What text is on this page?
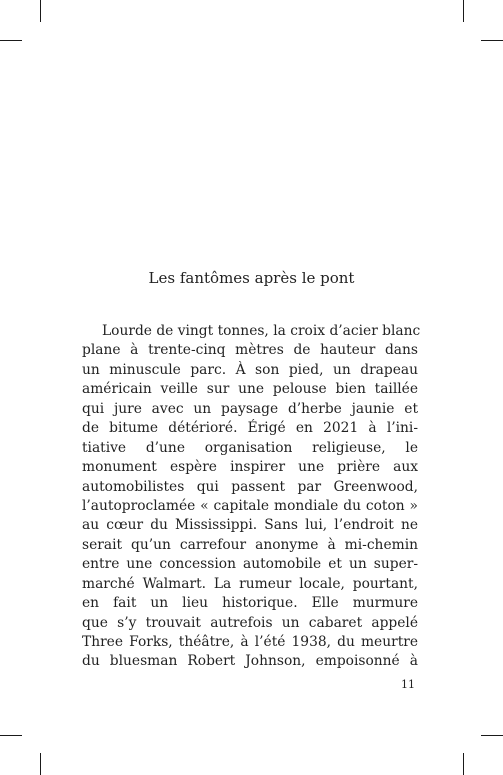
Les fantômes après le pont
Lourde de vingt tonnes, la croix d’acier blanc
plane à trente-cinq mètres de hauteur dans
un minuscule parc. À son pied, un drapeau
américain veille sur une pelouse bien taillée
qui jure avec un paysage d’herbe jaunie et
de bitume détérioré. Érigé en 2021 à l’ini-
tiative d’une organisation religieuse, le
monument espère inspirer une prière aux
automobilistes qui passent par Greenwood,
l’autoproclamée « capitale mondiale du coton »
au cœur du Mississippi. Sans lui, l’endroit ne
serait qu’un carrefour anonyme à mi-chemin
entre une concession automobile et un super-
marché Walmart. La rumeur locale, pourtant,
en fait un lieu historique. Elle murmure
que s’y trouvait autrefois un cabaret appelé
Three Forks, théâtre, à l’été 1938, du meurtre
du bluesman Robert Johnson, empoisonné à
11
